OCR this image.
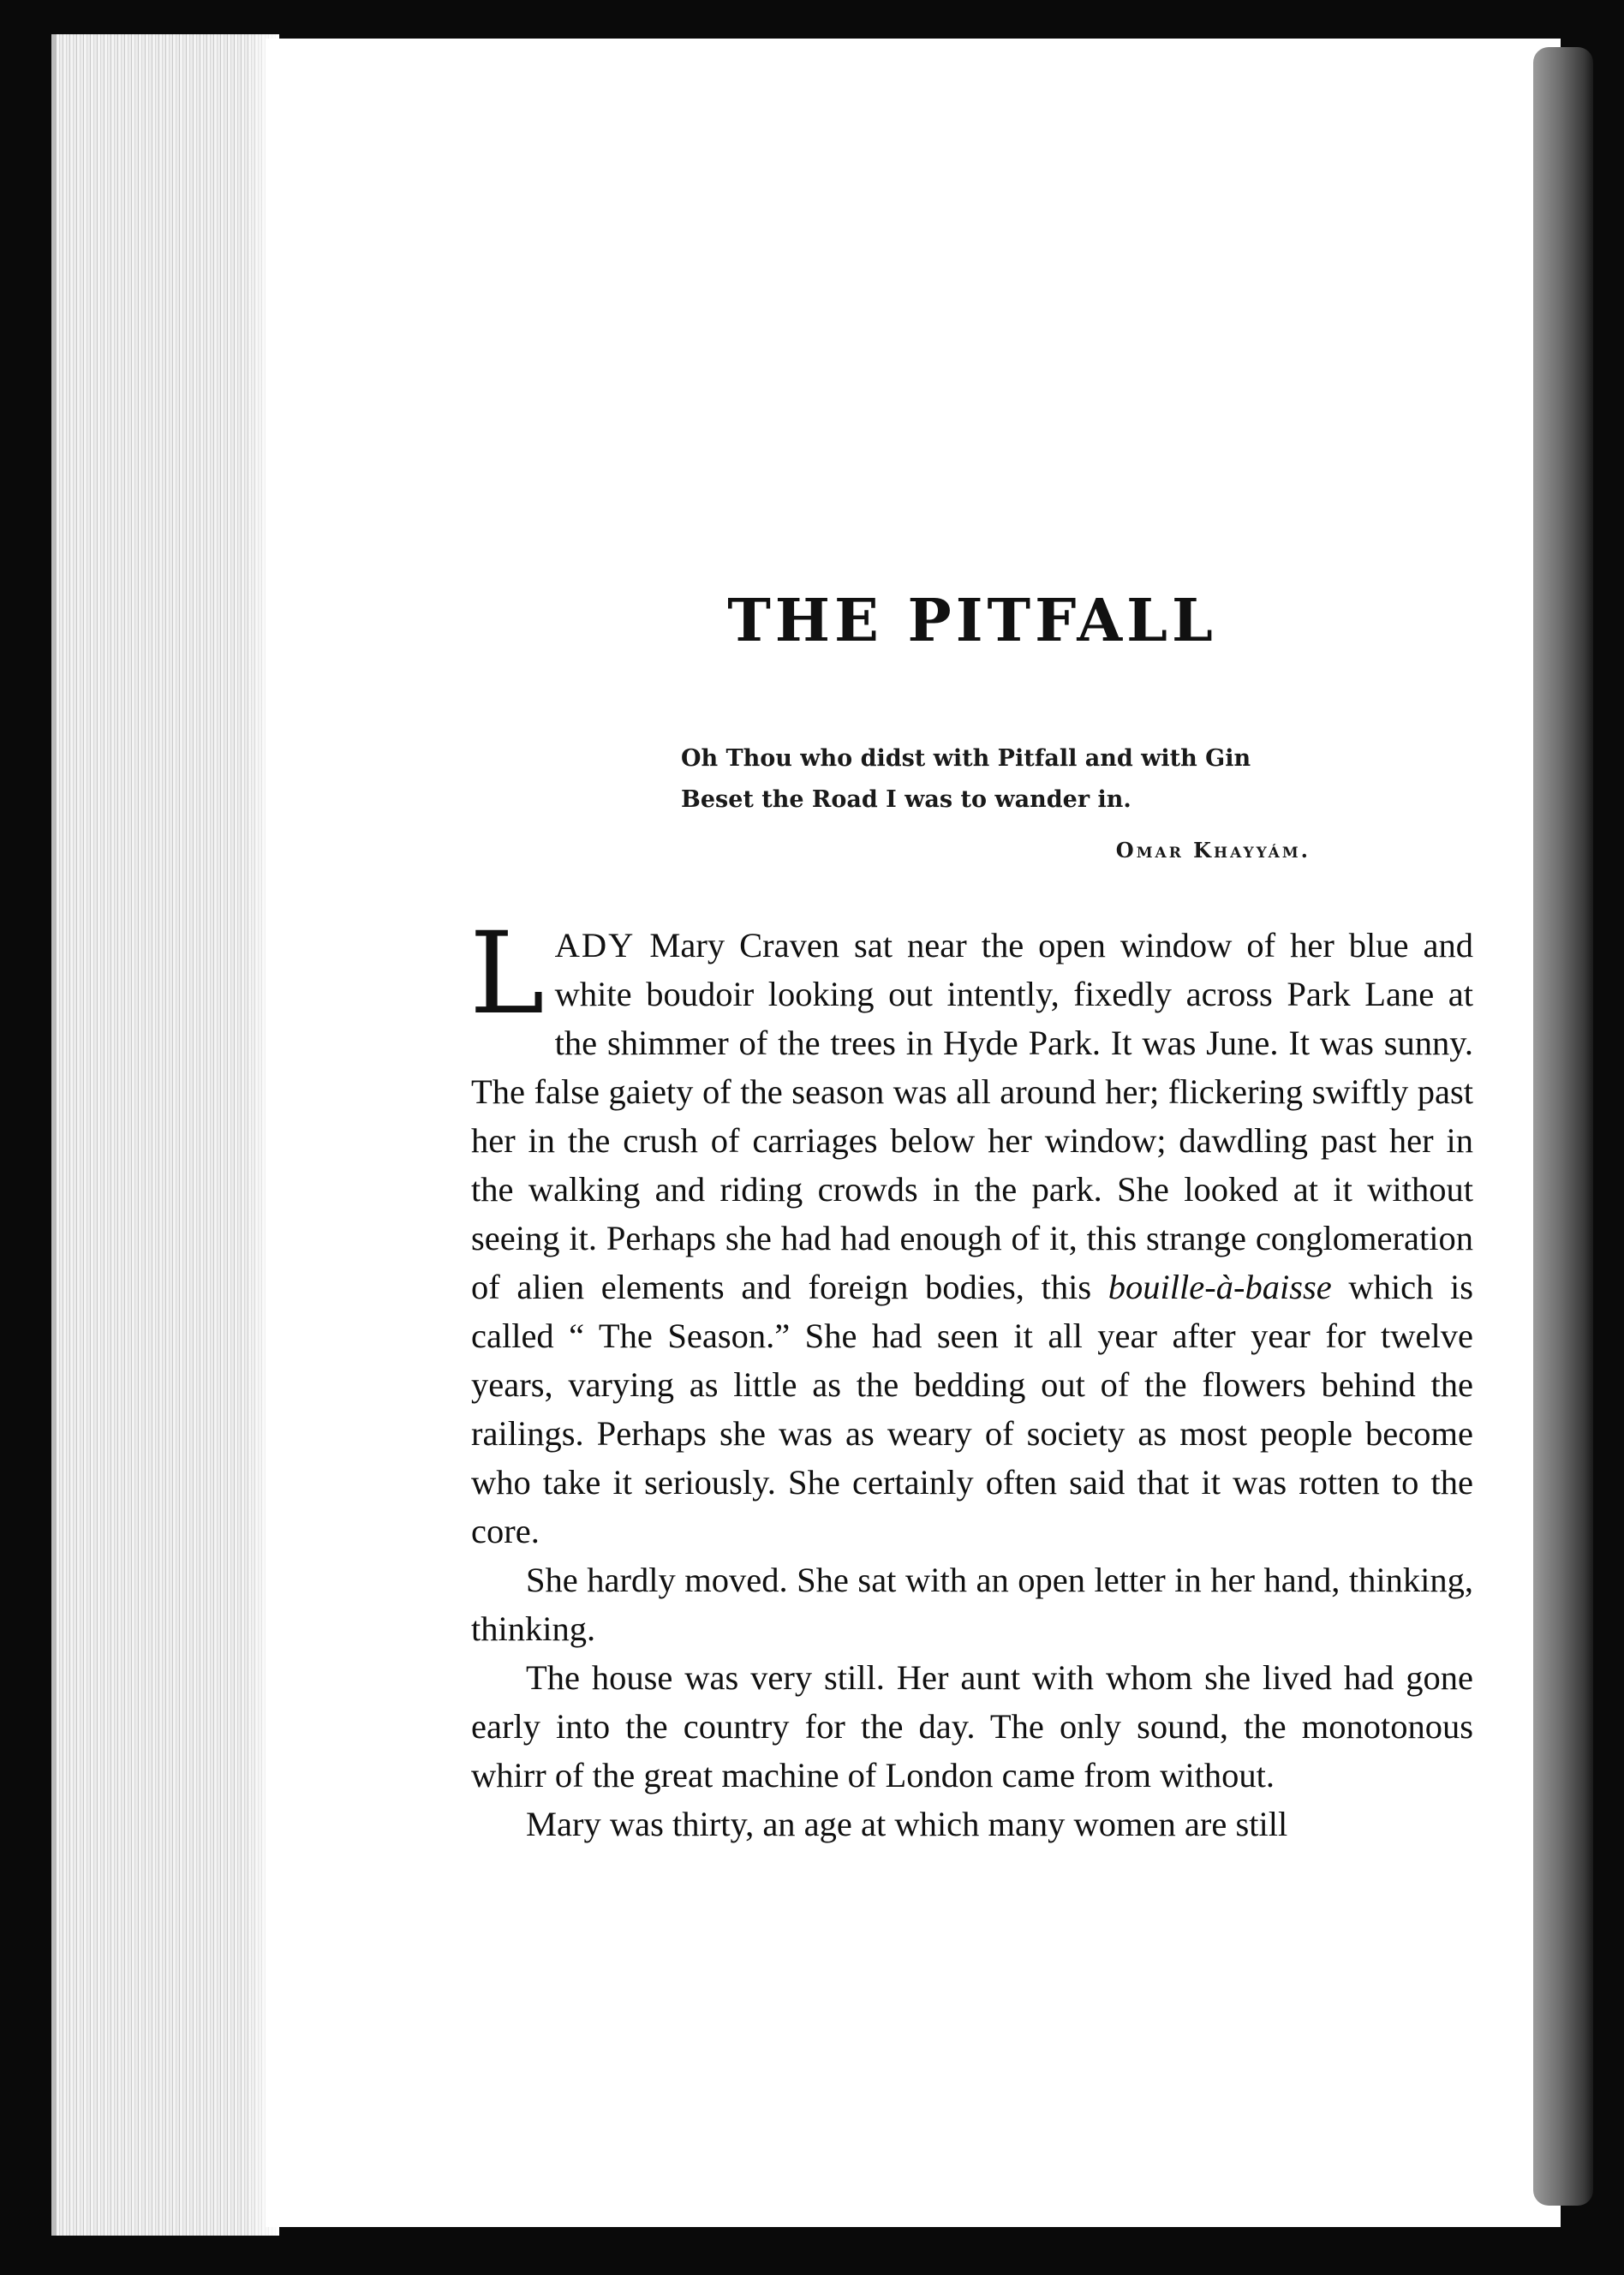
THE PITFALL
Oh Thou who didst with Pitfall and with Gin
Beset the Road I was to wander in.
Omar Khayyám.

LADY Mary Craven sat near the open window of her blue and white boudoir looking out intently, fixedly across Park Lane at the shimmer of the trees in Hyde Park. It was June. It was sunny. The false gaiety of the season was all around her; flickering swiftly past her in the crush of carriages below her window; dawdling past her in the walking and riding crowds in the park. She looked at it without seeing it. Perhaps she had had enough of it, this strange conglomeration of alien elements and foreign bodies, this bouille-à-baisse which is called “ The Season.” She had seen it all year after year for twelve years, varying as little as the bedding out of the flowers behind the railings. Perhaps she was as weary of society as most people become who take it seriously. She certainly often said that it was rotten to the core.

She hardly moved. She sat with an open letter in her hand, thinking, thinking.

The house was very still. Her aunt with whom she lived had gone early into the country for the day. The only sound, the monotonous whirr of the great machine of London came from without.

Mary was thirty, an age at which many women are still
